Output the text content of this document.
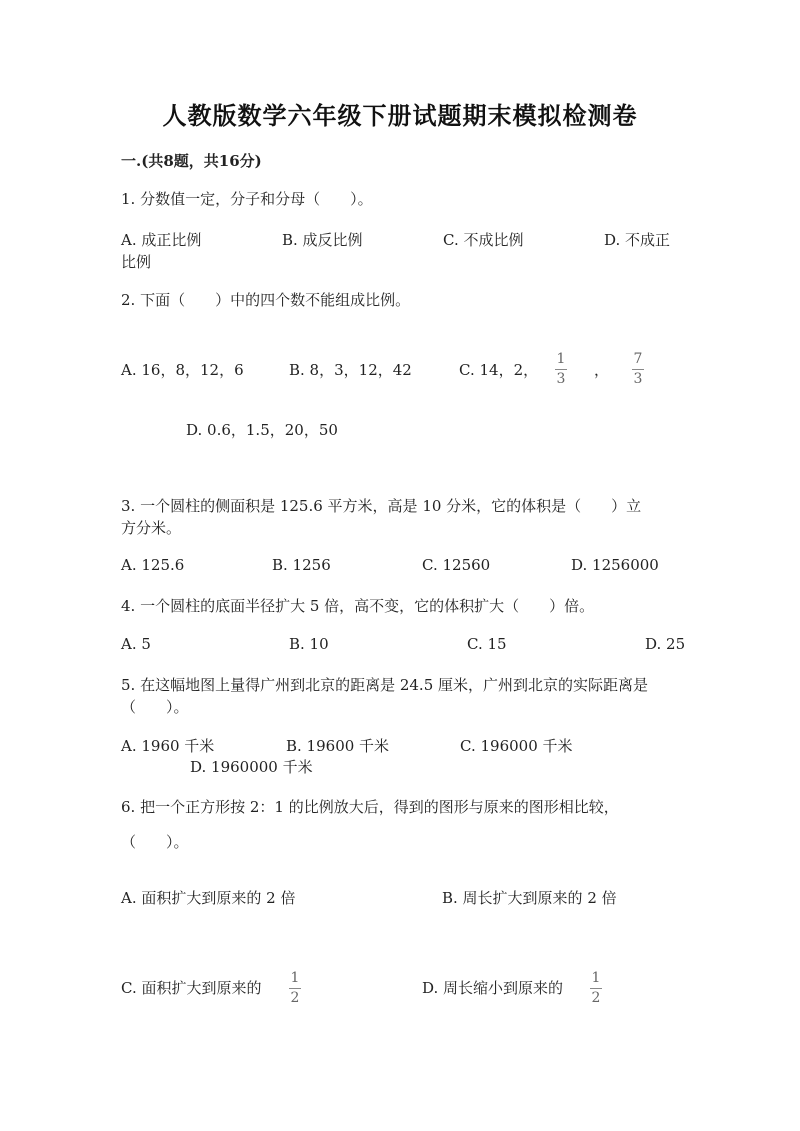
人教版数学六年级下册试题期末模拟检测卷
一.(共8题，共16分)
1. 分数值一定，分子和分母（　　）。
A. 成正比例	B. 成反比例	C. 不成比例	D. 不成正
比例
2. 下面（　　）中的四个数不能组成比例。
A. 16，8，12，6	B. 8，3，12，42	C. 14，2，
1
3 ，
7
3
D. 0.6，1.5，20，50
3. 一个圆柱的侧面积是 125.6 平方米，高是 10 分米，它的体积是（　　）立
方分米。
A. 125.6	B. 1256	C. 12560	D. 1256000
4. 一个圆柱的底面半径扩大 5 倍，高不变，它的体积扩大（　　）倍。
A. 5	B. 10	C. 15	D. 25
5. 在这幅地图上量得广州到北京的距离是 24.5 厘米，广州到北京的实际距离是
（　　）。
A. 1960 千米	B. 19600 千米	C. 196000 千米
D. 1960000 千米
6. 把一个正方形按 2：1 的比例放大后，得到的图形与原来的图形相比较，
（　　）。
A. 面积扩大到原来的 2 倍	B. 周长扩大到原来的 2 倍
C. 面积扩大到原来的
1
2
D. 周长缩小到原来的
1
2
